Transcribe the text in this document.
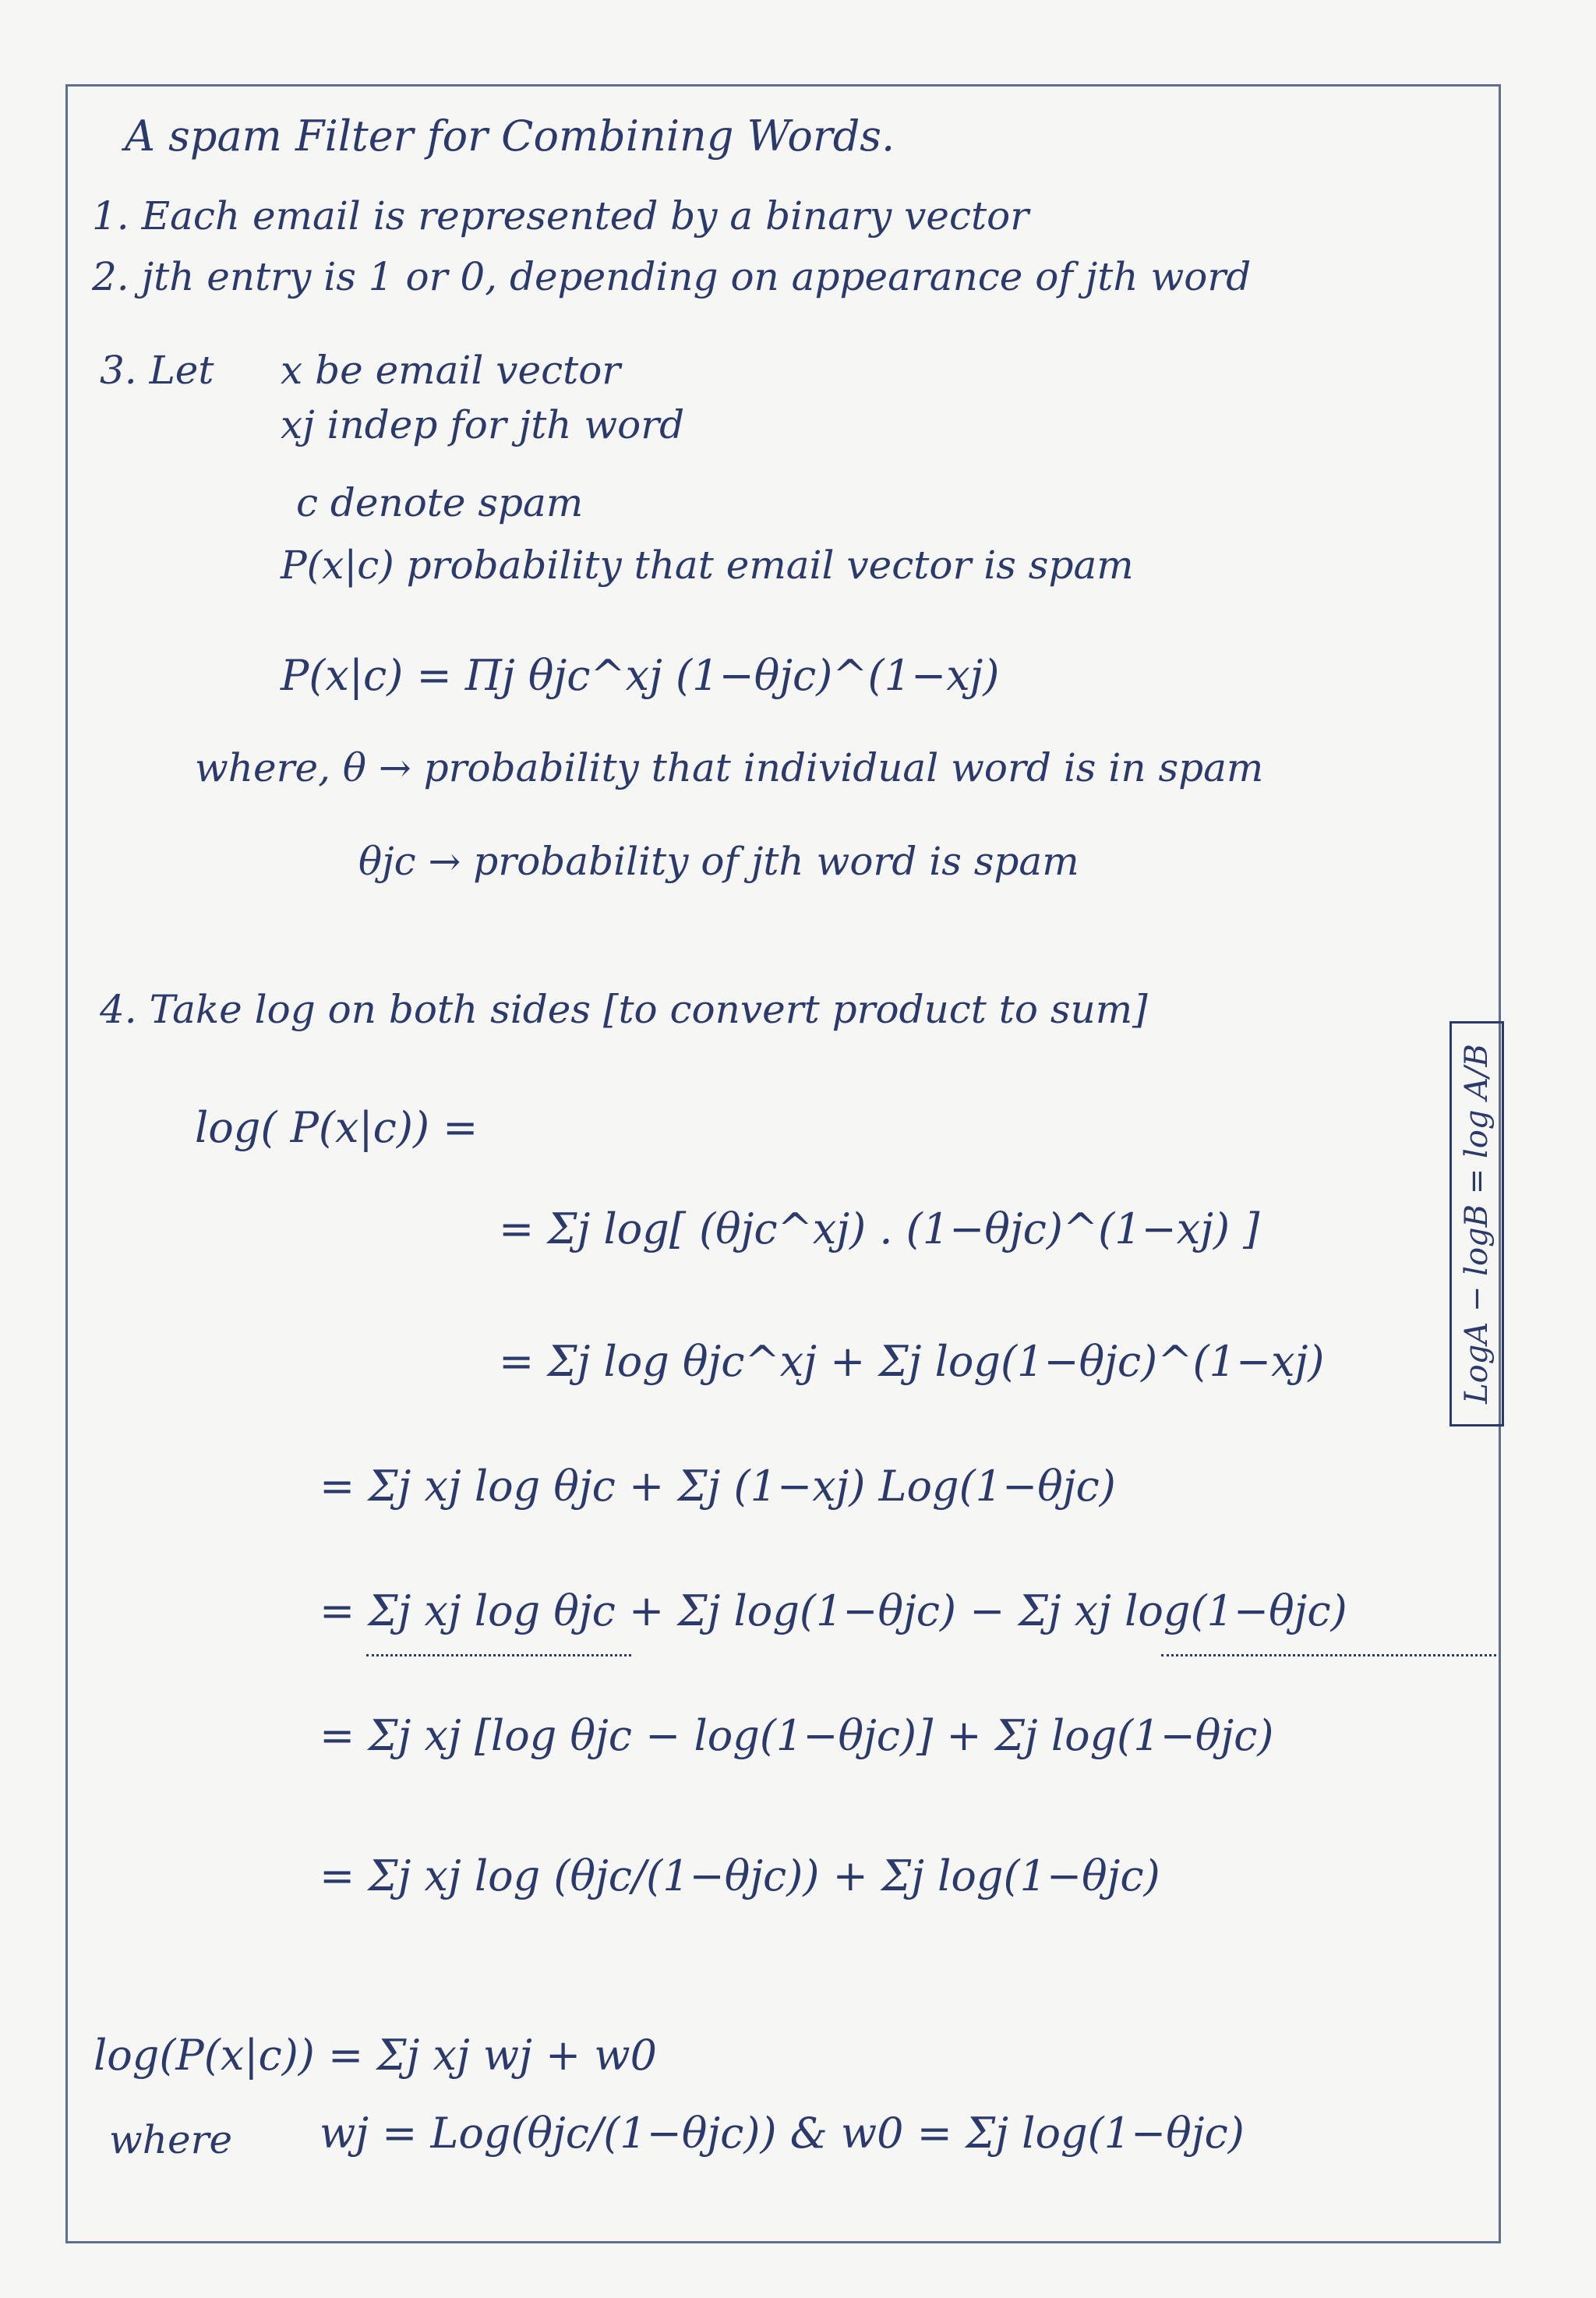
A spam Filter for Combining Words.
1. Each email is represented by a binary vector
2. jth entry is 1 or 0, depending on appearance of jth word
3. Let x be email vector
xj indep for jth word
c denote spam
P(x|c) probability that email vector is spam
P(x|c) = Πj θjc^xj (1−θjc)^(1−xj)
where, θ → probability that individual word is in spam
θjc → probability of jth word is spam
4. Take log on both sides [to convert product to sum]
log( P(x|c)) =
= Σj log[ (θjc^xj) . (1−θjc)^(1−xj) ]
= Σj log θjc^xj + Σj log(1−θjc)^(1−xj)
= Σj xj log θjc + Σj (1−xj) Log(1−θjc)
= Σj xj log θjc + Σj log(1−θjc) − Σj xj log(1−θjc)
= Σj xj [log θjc − log(1−θjc)] + Σj log(1−θjc)
= Σj xj log (θjc/(1−θjc)) + Σj log(1−θjc)
LogA − logB = log A/B
log(P(x|c)) = Σj xj wj + w0
where wj = Log(θjc/(1−θjc)) & w0 = Σj log(1−θjc)
